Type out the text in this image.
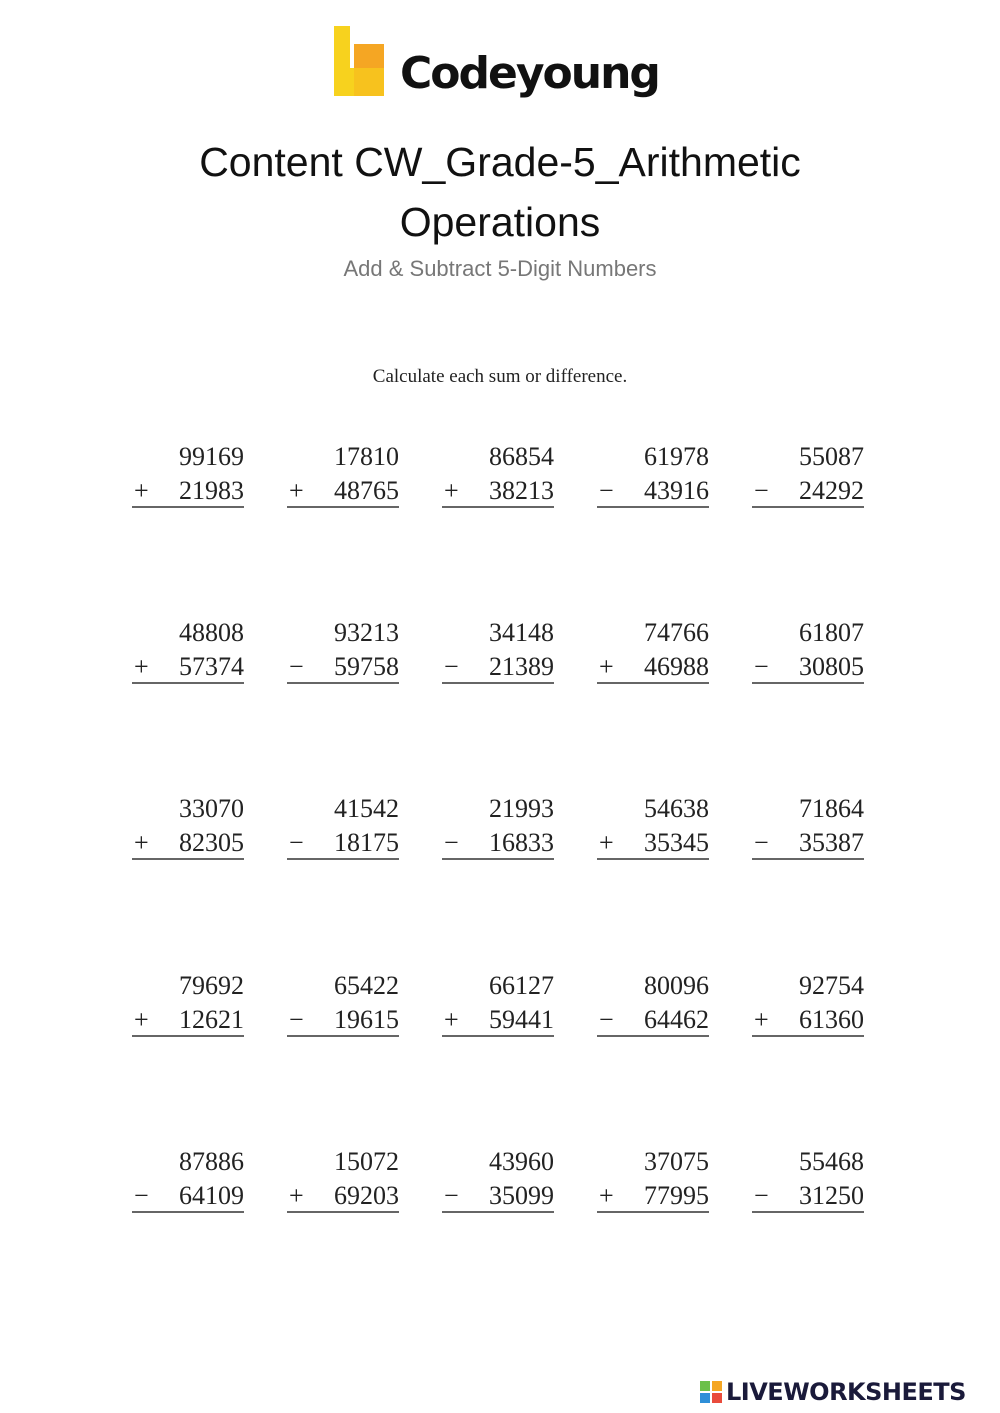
Codeyoung
Content CW_Grade-5_Arithmetic Operations
Add & Subtract 5-Digit Numbers
Calculate each sum or difference.
99169
+ 21983
17810
+ 48765
86854
+ 38213
61978
− 43916
55087
− 24292
48808
+ 57374
93213
− 59758
34148
− 21389
74766
+ 46988
61807
− 30805
33070
+ 82305
41542
− 18175
21993
− 16833
54638
+ 35345
71864
− 35387
79692
+ 12621
65422
− 19615
66127
+ 59441
80096
− 64462
92754
+ 61360
87886
− 64109
15072
+ 69203
43960
− 35099
37075
+ 77995
55468
− 31250
LIVEWORKSHEETS
